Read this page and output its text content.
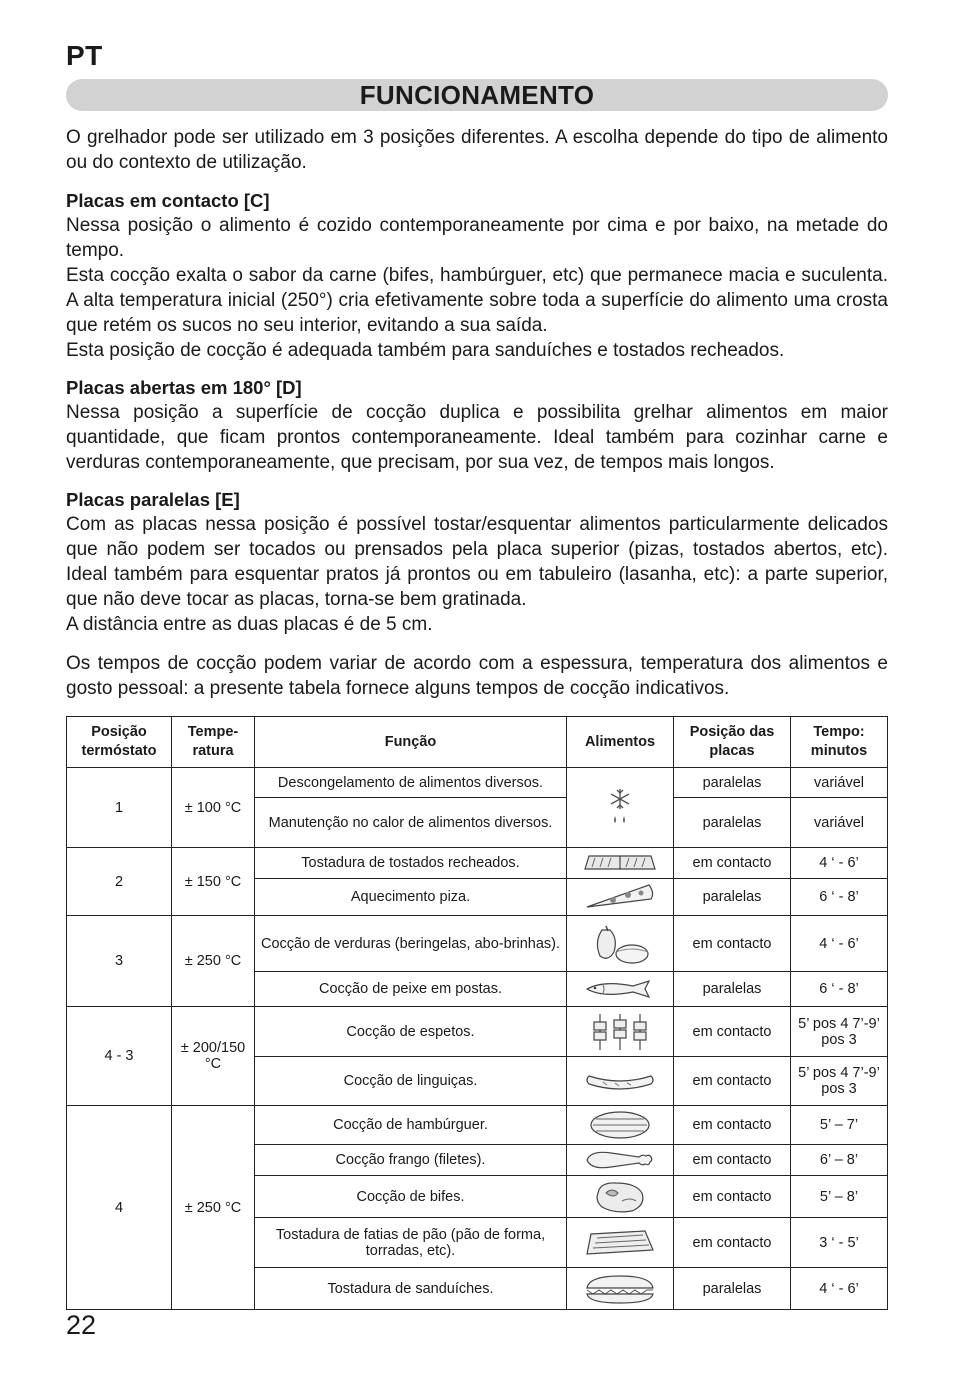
PT
FUNCIONAMENTO

O grelhador pode ser utilizado em 3 posições diferentes. A escolha depende do tipo de alimento ou do contexto de utilização.

Placas em contacto [C]

Nessa posição o alimento é cozido contemporaneamente por cima e por baixo, na metade do tempo.

Esta cocção exalta o sabor da carne (bifes, hambúrguer, etc) que permanece macia e suculenta. A alta temperatura inicial (250°) cria efetivamente sobre toda a superfície do alimento uma crosta que retém os sucos no seu interior, evitando a sua saída.

Esta posição de cocção é adequada também para sanduíches e tostados recheados.

Placas abertas em 180° [D]

Nessa posição a superfície de cocção duplica e possibilita grelhar alimentos em maior quantidade, que ficam prontos contemporaneamente. Ideal também para cozinhar carne e verduras contemporaneamente, que precisam, por sua vez, de tempos mais longos.

Placas paralelas [E]

Com as placas nessa posição é possível tostar/esquentar alimentos particularmente delicados que não podem ser tocados ou prensados pela placa superior (pizas, tostados abertos, etc). Ideal também para esquentar pratos já prontos ou em tabuleiro (lasanha, etc): a parte superior, que não deve tocar as placas, torna-se bem gratinada.

A distância entre as duas placas é de 5 cm.

Os tempos de cocção podem variar de acordo com a espessura, temperatura dos alimentos e gosto pessoal: a presente tabela fornece alguns tempos de cocção indicativos.

Posição termóstato	Tempe-ratura	Função	Alimentos	Posição das placas	Tempo: minutos
1	± 100 °C	Descongelamento de alimentos diversos.		paralelas	variável
		Manutenção no calor de alimentos diversos.		paralelas	variável
2	± 150 °C	Tostadura de tostados recheados.		em contacto	4 ‘ - 6’
		Aquecimento piza.		paralelas	6 ‘ - 8’
3	± 250 °C	Cocção de verduras (beringelas, abo-brinhas).		em contacto	4 ‘ - 6’
		Cocção de peixe em postas.		paralelas	6 ‘ - 8’
4 - 3	± 200/150 °C	Cocção de espetos.		em contacto	5’ pos 4 7’-9’ pos 3
		Cocção de linguiças.		em contacto	5’ pos 4 7’-9’ pos 3
4	± 250 °C	Cocção de hambúrguer.		em contacto	5’ – 7’
		Cocção frango (filetes).		em contacto	6’ – 8’
		Cocção de bifes.		em contacto	5’ – 8’
		Tostadura de fatias de pão (pão de forma, torradas, etc).		em contacto	3 ‘ - 5’
		Tostadura de sanduíches.		paralelas	4 ‘ - 6’
22
